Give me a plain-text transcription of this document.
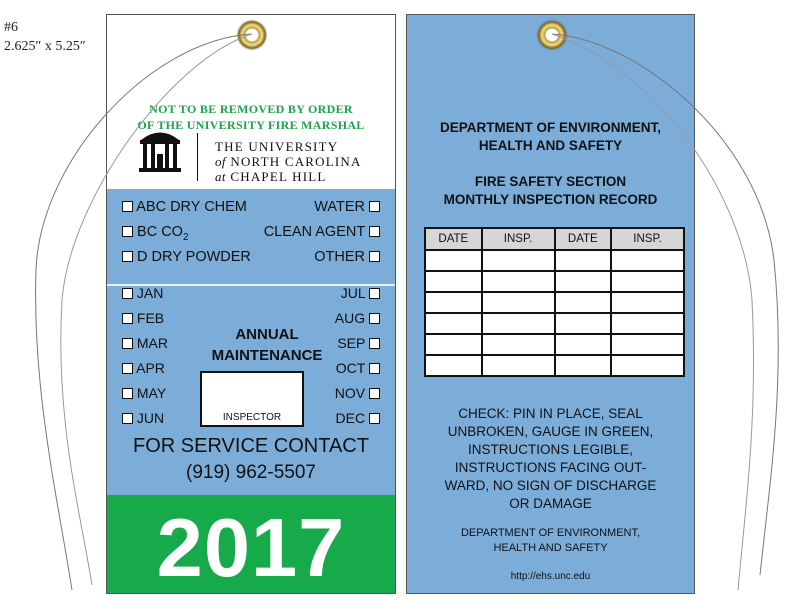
#6
2.625″ x 5.25″
NOT TO BE REMOVED BY ORDER
OF THE UNIVERSITY FIRE MARSHAL
THE UNIVERSITY
of NORTH CAROLINA
at CHAPEL HILL
ABC DRY CHEM
BC $CO_2$
D DRY POWDER
WATER
CLEAN AGENT
OTHER
JAN
FEB
MAR
APR
MAY
JUN
JUL
AUG
SEP
OCT
NOV
DEC
ANNUAL
MAINTENANCE
INSPECTOR
FOR SERVICE CONTACT
(919) 962-5507
2017
DEPARTMENT OF ENVIRONMENT,
HEALTH AND SAFETY
FIRE SAFETY SECTION
MONTHLY INSPECTION RECORD
DATE	INSP.	DATE	INSP.

CHECK: PIN IN PLACE, SEAL
UNBROKEN, GAUGE IN GREEN,
INSTRUCTIONS LEGIBLE,
INSTRUCTIONS FACING OUT-
WARD, NO SIGN OF DISCHARGE
OR DAMAGE
DEPARTMENT OF ENVIRONMENT,
HEALTH AND SAFETY
http://ehs.unc.edu
